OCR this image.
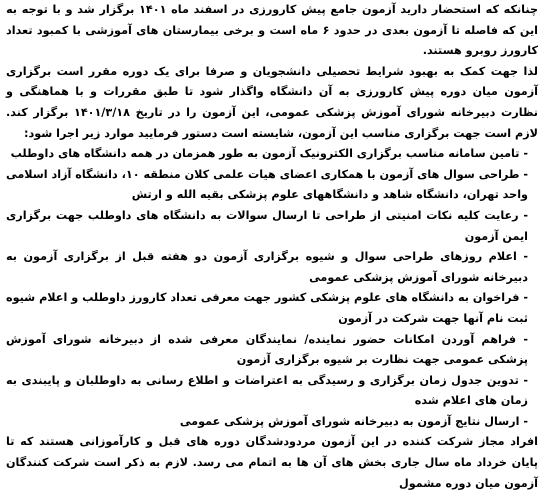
چنانکه که استحضار دارید آزمون جامع پیش کارورزی در اسفند ماه ۱۴۰۱ برگزار شد و با توجه به این که فاصله تا آزمون بعدی در حدود ۶ ماه است و برخی بیمارستان های آموزشی با کمبود تعداد کارورز روبرو هستند.

لذا جهت کمک به بهبود شرایط تحصیلی دانشجویان و صرفا برای یک دوره مقرر است برگزاری آزمون میان دوره پیش کارورزی به آن دانشگاه واگذار شود تا طبق مقررات و با هماهنگی و نظارت دبیرخانه شورای آموزش پزشکی عمومی، این آزمون را در تاریخ ۱۴۰۱/۳/۱۸ برگزار کند. لازم است جهت برگزاری مناسب این آزمون، شایسته است دستور فرمایید موارد زیر اجرا شود:

- تامین سامانه مناسب برگزاری الکترونیک آزمون به طور همزمان در همه دانشگاه های داوطلب

- طراحی سوال های آزمون با همکاری اعضای هیات علمی کلان منطقه ۱۰، دانشگاه آزاد اسلامی واحد تهران، دانشگاه شاهد و دانشگاههای علوم پزشکی بقیه الله و ارتش

- رعایت کلیه نکات امنیتی از طراحی تا ارسال سوالات به دانشگاه های داوطلب جهت برگزاری ایمن آزمون

- اعلام روزهای طراحی سوال و شیوه برگزاری آزمون دو هفته قبل از برگزاری آزمون به دبیرخانه شورای آموزش پزشکی عمومی

- فراخوان به دانشگاه های علوم پزشکی کشور جهت معرفی تعداد کارورز داوطلب و اعلام شیوه ثبت نام آنها جهت شرکت در آزمون

- فراهم آوردن امکانات حضور نماینده/ نمایندگان معرفی شده از دبیرخانه شورای آموزش پزشکی عمومی جهت نظارت بر شیوه برگزاری آزمون

- تدوین جدول زمان برگزاری و رسیدگی به اعتراضات و اطلاع رسانی به داوطلبان و پایبندی به زمان های اعلام شده

- ارسال نتایج آزمون به دبیرخانه شورای آموزش پزشکی عمومی

افراد مجاز شرکت کننده در این آزمون مردودشدگان دوره های قبل و کارآموزانی هستند که تا پایان خرداد ماه سال جاری بخش های آن ها به اتمام می رسد. لازم به ذکر است شرکت کنندگان آزمون میان دوره مشمول
